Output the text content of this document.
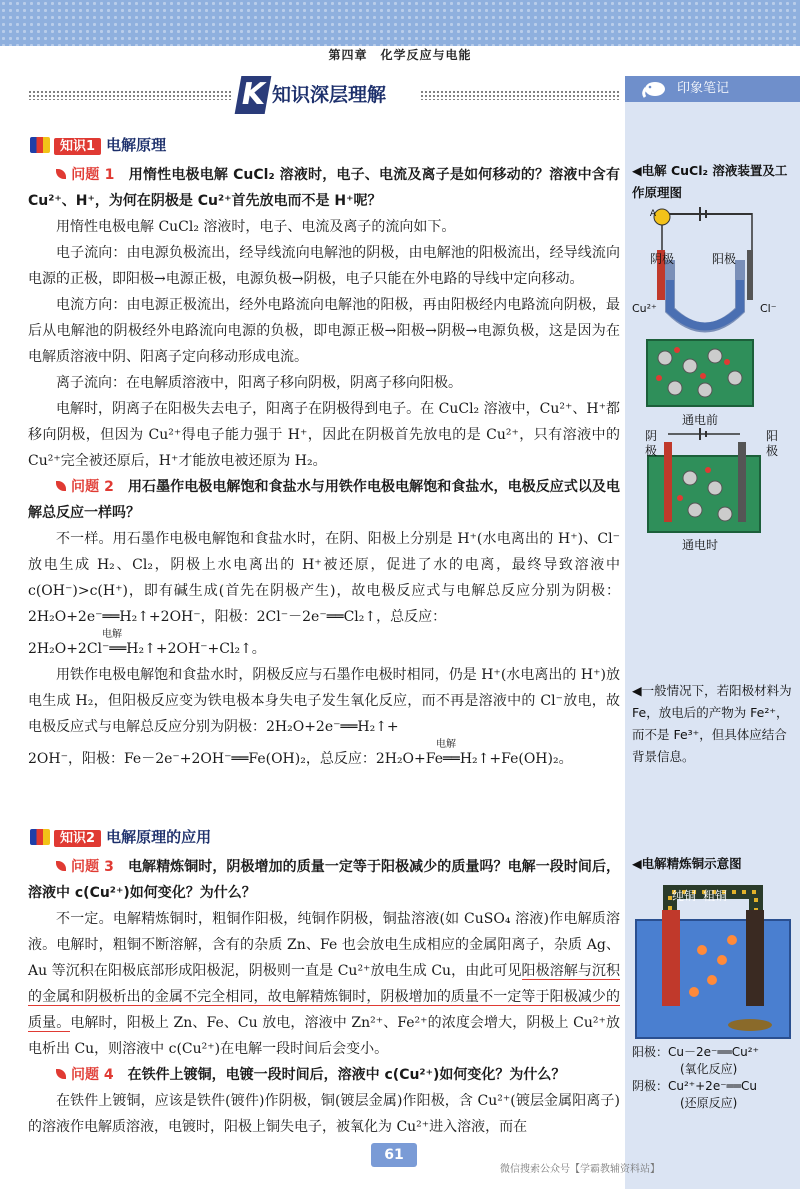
第四章　化学反应与电能
K 知识深层理解	印象笔记
◀电解 CuCl₂ 溶液装置及工作原理图
A
阴极	阳极
Cu²⁺	Cl⁻
通电前
阴极
阳极
通电时
◀一般情况下，若阳极材料为 Fe，放电后的产物为 Fe²⁺，而不是 Fe³⁺，但具体应结合背景信息。
◀电解精炼铜示意图
纯铜 粗铜
阳极：Cu－2e⁻══Cu²⁺
(氧化反应)
阴极：Cu²⁺+2e⁻══Cu
(还原反应)
知识1 电解原理
问题 1　 用惰性电极电解 CuCl₂ 溶液时，电子、电流及离子是如何移动的？溶液中含有 Cu²⁺、H⁺，为何在阴极是 Cu²⁺首先放电而不是 H⁺呢？
用惰性电极电解 CuCl₂ 溶液时，电子、电流及离子的流向如下。
电子流向：由电源负极流出，经导线流向电解池的阴极，由电解池的阳极流出，经导线流向电源的正极，即阳极→电源正极，电源负极→阴极，电子只能在外电路的导线中定向移动。
电流方向：由电源正极流出，经外电路流向电解池的阳极，再由阳极经内电路流向阴极，最后从电解池的阴极经外电路流向电源的负极，即电源正极→阳极→阴极→电源负极，这是因为在电解质溶液中阴、阳离子定向移动形成电流。
离子流向：在电解质溶液中，阳离子移向阴极，阴离子移向阳极。
电解时，阴离子在阳极失去电子，阳离子在阴极得到电子。在 CuCl₂ 溶液中，Cu²⁺、H⁺都移向阴极，但因为 Cu²⁺得电子能力强于 H⁺，因此在阴极首先放电的是 Cu²⁺，只有溶液中的 Cu²⁺完全被还原后，H⁺才能放电被还原为 H₂。
问题 2　 用石墨作电极电解饱和食盐水与用铁作电极电解饱和食盐水，电极反应式以及电解总反应一样吗？
不一样。用石墨作电极电解饱和食盐水时，在阴、阳极上分别是 H⁺(水电离出的 H⁺)、Cl⁻放电生成 H₂、Cl₂，阴极上水电离出的 H⁺被还原，促进了水的电离，最终导致溶液中 c(OH⁻)>c(H⁺)，即有碱生成(首先在阴极产生)，故电极反应式与电解总反应分别为阴极：2H₂O+2e⁻══H₂↑+2OH⁻，阳极：2Cl⁻－2e⁻══Cl₂↑，总反应：
电解
2H₂O+2Cl⁻══H₂↑+2OH⁻+Cl₂↑。
用铁作电极电解饱和食盐水时，阴极反应与石墨作电极时相同，仍是 H⁺(水电离出的 H⁺)放电生成 H₂，但阳极反应变为铁电极本身失电子发生氧化反应，而不再是溶液中的 Cl⁻放电，故电极反应式与电解总反应分别为阴极：2H₂O+2e⁻══H₂↑+
电解
2OH⁻，阳极：Fe－2e⁻+2OH⁻══Fe(OH)₂，总反应：2H₂O+Fe══H₂↑+Fe(OH)₂。
知识2 电解原理的应用
问题 3　 电解精炼铜时，阴极增加的质量一定等于阳极减少的质量吗？电解一段时间后，溶液中 c(Cu²⁺)如何变化？为什么？
不一定。电解精炼铜时，粗铜作阳极，纯铜作阴极，铜盐溶液(如 CuSO₄ 溶液)作电解质溶液。电解时，粗铜不断溶解，含有的杂质 Zn、Fe 也会放电生成相应的金属阳离子，杂质 Ag、Au 等沉积在阳极底部形成阳极泥，阴极则一直是 Cu²⁺放电生成 Cu，由此可见阳极溶解与沉积的金属和阴极析出的金属不完全相同，故电解精炼铜时，阴极增加的质量不一定等于阳极减少的质量。电解时，阳极上 Zn、Fe、Cu 放电，溶液中 Zn²⁺、Fe²⁺的浓度会增大，阴极上 Cu²⁺放电析出 Cu，则溶液中 c(Cu²⁺)在电解一段时间后会变小。
问题 4　 在铁件上镀铜，电镀一段时间后，溶液中 c(Cu²⁺)如何变化？为什么？
在铁件上镀铜，应该是铁件(镀件)作阴极，铜(镀层金属)作阳极，含 Cu²⁺(镀层金属阳离子)的溶液作电解质溶液，电镀时，阳极上铜失电子，被氧化为 Cu²⁺进入溶液，而在
61
微信搜索公众号【学霸教辅资料站】
